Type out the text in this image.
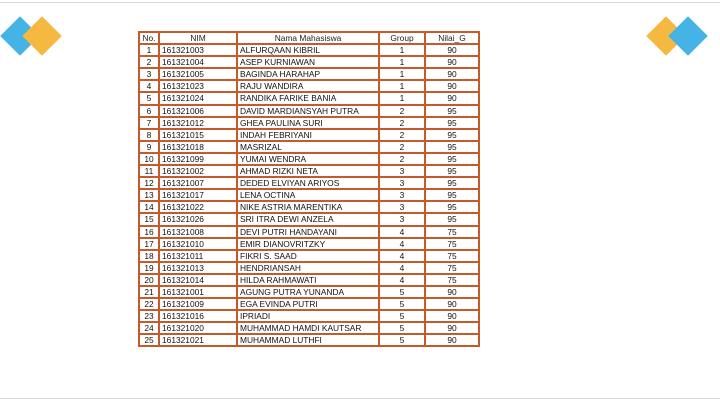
No.	NIM	Nama Mahasiswa	Group	Nilai_G
1	161321003	ALFURQAAN KIBRIL	1	90
2	161321004	ASEP KURNIAWAN	1	90
3	161321005	BAGINDA HARAHAP	1	90
4	161321023	RAJU WANDIRA	1	90
5	161321024	RANDIKA FARIKE BANIA	1	90
6	161321006	DAVID MARDIANSYAH PUTRA	2	95
7	161321012	GHEA PAULINA SURI	2	95
8	161321015	INDAH FEBRIYANI	2	95
9	161321018	MASRIZAL	2	95
10	161321099	YUMAI WENDRA	2	95
11	161321002	AHMAD RIZKI NETA	3	95
12	161321007	DEDED ELVIYAN ARIYOS	3	95
13	161321017	LENA OCTINA	3	95
14	161321022	NIKE ASTRIA MARENTIKA	3	95
15	161321026	SRI ITRA DEWI ANZELA	3	95
16	161321008	DEVI PUTRI HANDAYANI	4	75
17	161321010	EMIR DIANOVRITZKY	4	75
18	161321011	FIKRI S. SAAD	4	75
19	161321013	HENDRIANSAH	4	75
20	161321014	HILDA RAHMAWATI	4	75
21	161321001	AGUNG PUTRA YUNANDA	5	90
22	161321009	EGA EVINDA PUTRI	5	90
23	161321016	IPRIADI	5	90
24	161321020	MUHAMMAD HAMDI KAUTSAR	5	90
25	161321021	MUHAMMAD LUTHFI	5	90
